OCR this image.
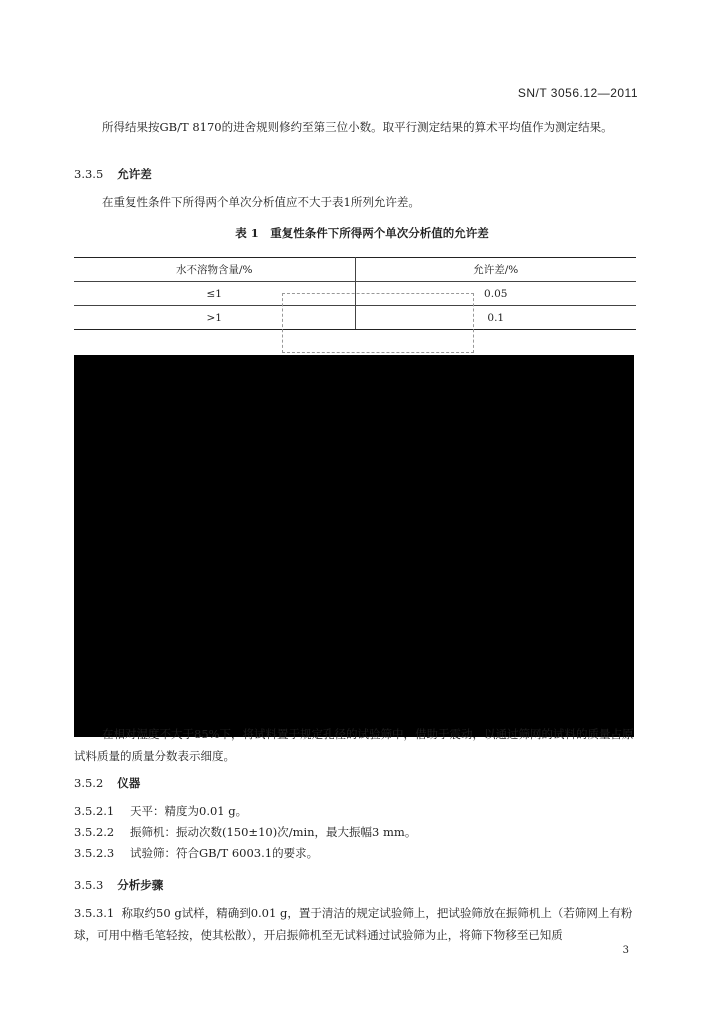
SN/T 3056.12—2011
所得结果按GB/T 8170的进舍规则修约至第三位小数。取平行测定结果的算术平均值作为测定结果。
3.3.5 允许差
在重复性条件下所得两个单次分析值应不大于表1所列允许差。
表 1　重复性条件下所得两个单次分析值的允许差
水不溶物含量/%	允许差/%
≤1	0.05
>1	0.1
在相对湿度不大于85%下，将试料置于规定孔径的试验筛中，借助于震动，以通过筛网的试料的质量占原试料质量的质量分数表示细度。
3.5.2 仪器
3.5.2.1 天平：精度为0.01 g。
3.5.2.2 振筛机：振动次数(150±10)次/min，最大振幅3 mm。
3.5.2.3 试验筛：符合GB/T 6003.1的要求。
3.5.3 分析步骤
3.5.3.1 称取约50 g试样，精确到0.01 g，置于清洁的规定试验筛上，把试验筛放在振筛机上（若筛网上有粉球，可用中楷毛笔轻按，使其松散），开启振筛机至无试料通过试验筛为止，将筛下物移至已知质
3
